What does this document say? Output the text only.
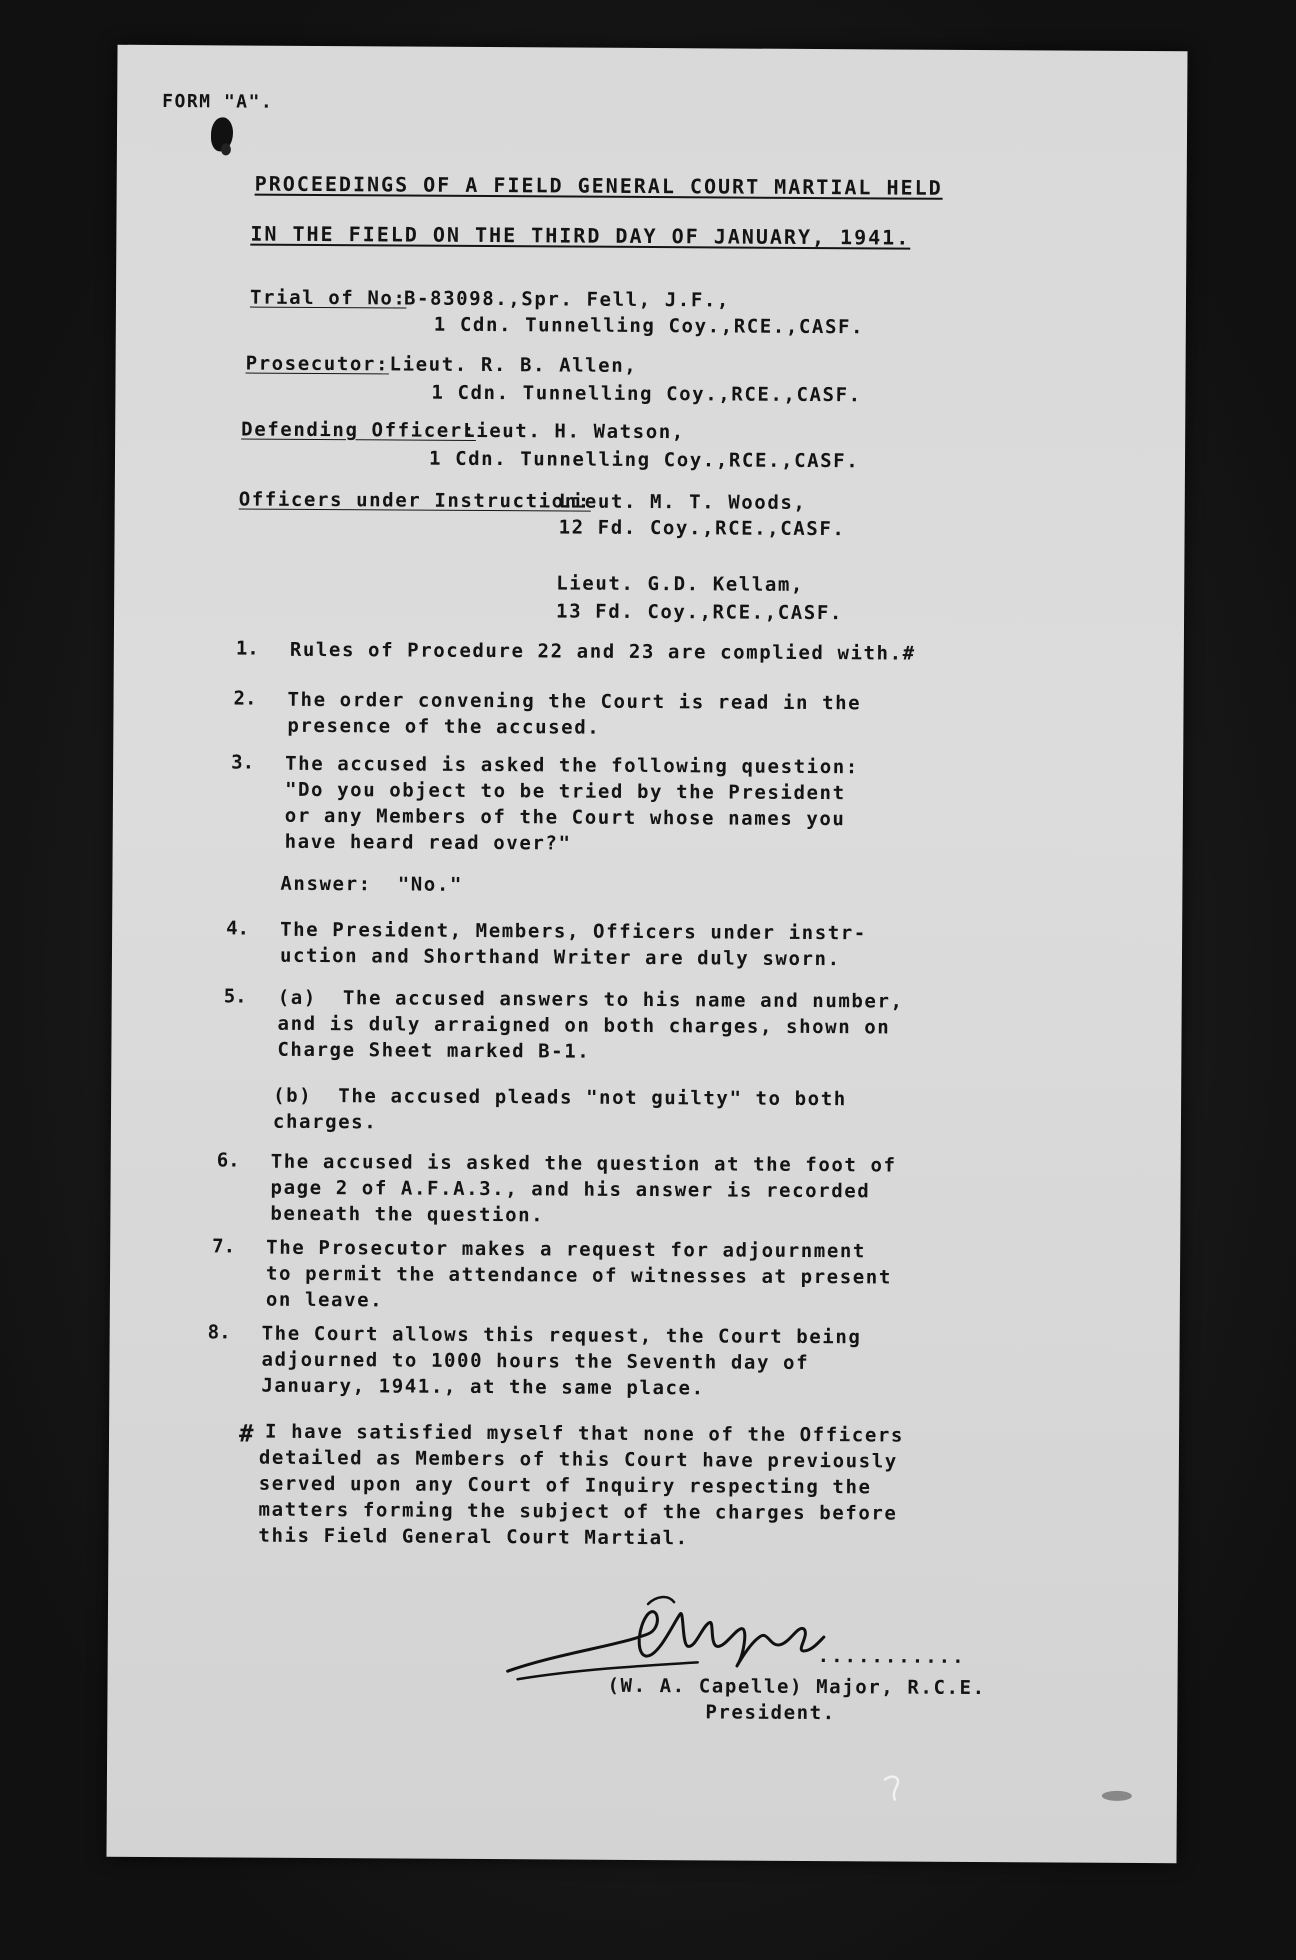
FORM "A".
PROCEEDINGS OF A FIELD GENERAL COURT MARTIAL HELD
IN THE FIELD ON THE THIRD DAY OF JANUARY, 1941.
Trial of No:
B-83098.,Spr. Fell, J.F.,
1 Cdn. Tunnelling Coy.,RCE.,CASF.
Prosecutor: Lieut. R. B. Allen,
1 Cdn. Tunnelling Coy.,RCE.,CASF.
Defending Officer:
Lieut. H. Watson,
1 Cdn. Tunnelling Coy.,RCE.,CASF.
Officers under Instruction:
Lieut. M. T. Woods,
12 Fd. Coy.,RCE.,CASF.
Lieut. G.D. Kellam,
13 Fd. Coy.,RCE.,CASF.
1. Rules of Procedure 22 and 23 are complied with.#
2. The order convening the Court is read in the
presence of the accused.
3. The accused is asked the following question:
"Do you object to be tried by the President
or any Members of the Court whose names you
have heard read over?"
Answer:  "No."
4. The President, Members, Officers under instr-
uction and Shorthand Writer are duly sworn.
5. (a)  The accused answers to his name and number,
and is duly arraigned on both charges, shown on
Charge Sheet marked B-1.
(b)  The accused pleads "not guilty" to both
charges.
6. The accused is asked the question at the foot of
page 2 of A.F.A.3., and his answer is recorded
beneath the question.
7. The Prosecutor makes a request for adjournment
to permit the attendance of witnesses at present
on leave.
8. The Court allows this request, the Court being
adjourned to 1000 hours the Seventh day of
January, 1941., at the same place.
# I have satisfied myself that none of the Officers
detailed as Members of this Court have previously
served upon any Court of Inquiry respecting the
matters forming the subject of the charges before
this Field General Court Martial.
...........
(W. A. Capelle) Major, R.C.E.
President.
